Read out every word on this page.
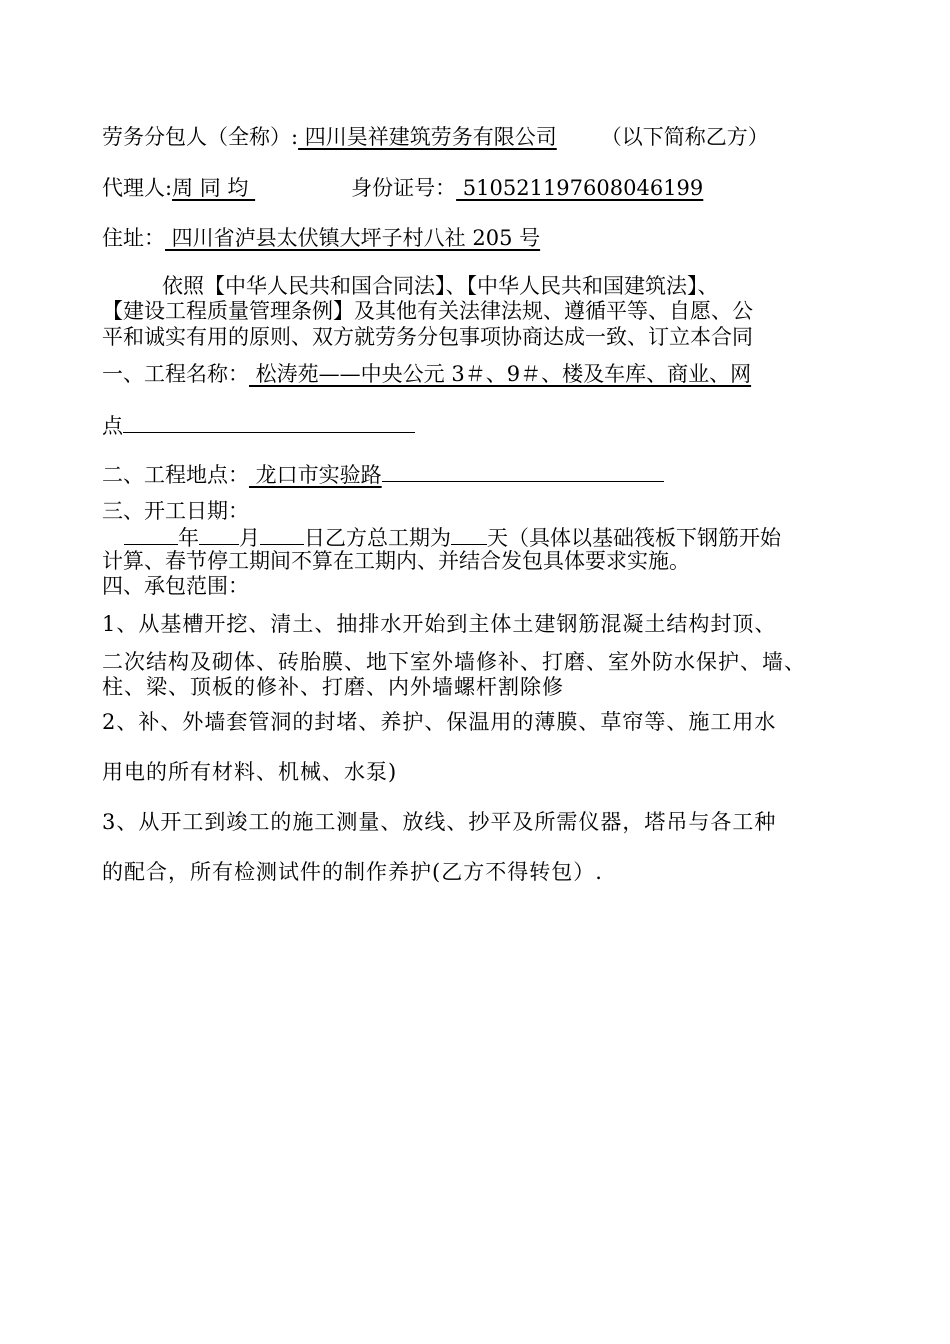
劳务分包人（全称）: 四川昊祥建筑劳务有限公司 （以下简称乙方）
代理人:周 同 均	身份证号： 510521197608046199
住址： 四川省泸县太伏镇大坪子村八社 205 号
依照【中华人民共和国合同法】、【中华人民共和国建筑法】、
【建设工程质量管理条例】及其他有关法律法规、遵循平等、自愿、公
平和诚实有用的原则、双方就劳务分包事项协商达成一致、订立本合同
一、工程名称： 松涛苑——中央公元 3＃、9＃、楼及车库、商业、网
点
二、工程地点： 龙口市实验路
三、开工日期：
年 月 日乙方总工期为 天（具体以基础筏板下钢筋开始
计算、春节停工期间不算在工期内、并结合发包具体要求实施。
四、承包范围：
1、从基槽开挖、清土、抽排水开始到主体土建钢筋混凝土结构封顶、
二次结构及砌体、砖胎膜、地下室外墙修补、打磨、室外防水保护、墙、
柱、梁、顶板的修补、打磨、内外墙螺杆割除修
2、补、外墙套管洞的封堵、养护、保温用的薄膜、草帘等、施工用水
用电的所有材料、机械、水泵)
3、从开工到竣工的施工测量、放线、抄平及所需仪器，塔吊与各工种
的配合，所有检测试件的制作养护(乙方不得转包）.
